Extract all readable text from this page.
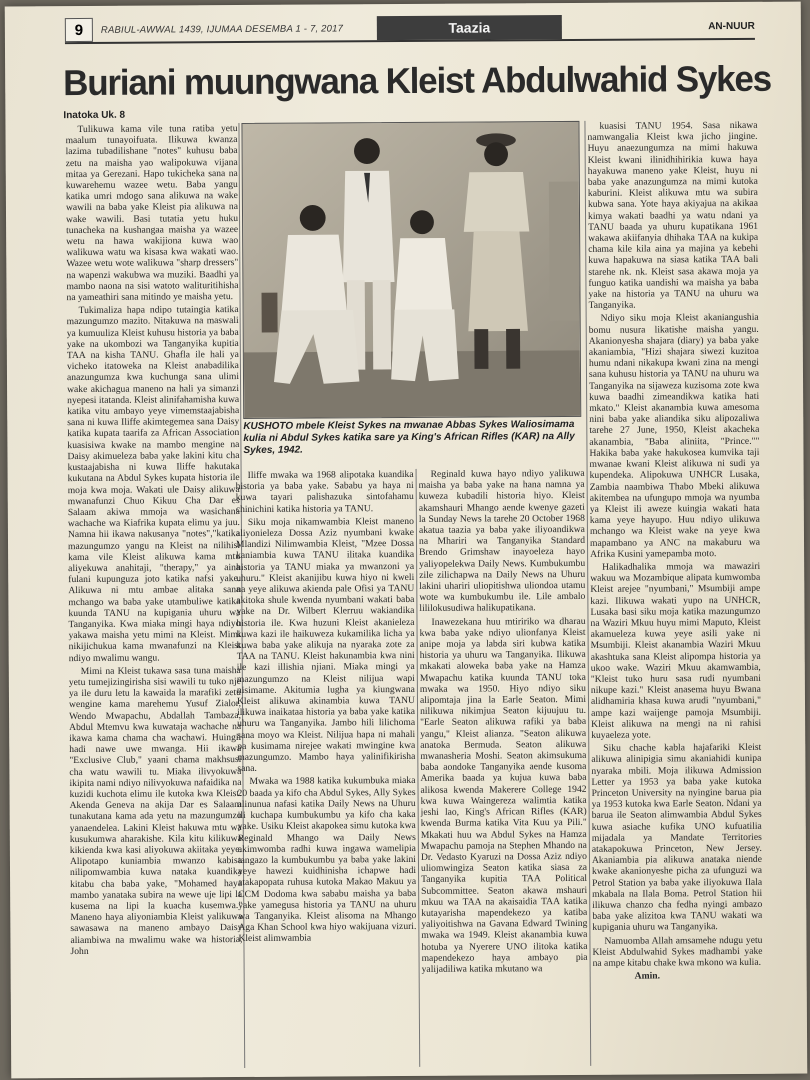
9	RABIUL-AWWAL 1439, IJUMAA DESEMBA 1 - 7, 2017	Taazia	AN-NUUR
Buriani muungwana Kleist Abdulwahid Sykes
Inatoka Uk. 8

Tulikuwa kama vile tuna ratiba yetu maalum tunayoifuata. Ilikuwa kwanza lazima tubadilishane "notes" kuhusu baba zetu na maisha yao walipokuwa vijana mitaa ya Gerezani. Hapo tukicheka sana na kuwarehemu wazee wetu. Baba yangu katika umri mdogo sana alikuwa na wake wawili na baba yake Kleist pia alikuwa na wake wawili. Basi tutatia yetu huku tunacheka na kushangaa maisha ya wazee wetu na hawa wakijiona kuwa wao walikuwa watu wa kisasa kwa wakati wao. Wazee wetu wote walikuwa "sharp dressers" na wapenzi wakubwa wa muziki. Baadhi ya mambo naona na sisi watoto walituritihisha na yameathiri sana mitindo ye maisha yetu.

Tukimaliza hapa ndipo tutaingia katika mazungumzo mazito. Nitakuwa na maswali ya kumuuliza Kleist kuhusu historia ya baba yake na ukombozi wa Tanganyika kupitia TAA na kisha TANU. Ghafla ile hali ya vicheko itatoweka na Kleist anabadilika anazungumza kwa kuchunga sana ulimi wake akichagua maneno na hali ya simanzi nyepesi itatanda. Kleist alinifahamisha kuwa katika vitu ambayo yeye vimemstaajabisha sana ni kuwa Iliffe akimtegemea sana Daisy katika kupata taarifa za African Association kuasisiwa kwake na mambo mengine na Daisy akimueleza baba yake lakini kitu cha kustaajabisha ni kuwa Iliffe hakutaka kukutana na Abdul Sykes kupata historia ile moja kwa moja. Wakati ule Daisy alikuwa mwanafunzi Chuo Kikuu Cha Dar es Salaam akiwa mmoja wa wasichana wachache wa Kiafrika kupata elimu ya juu. Namna hii ikawa nakusanya "notes","katika mazungumzo yangu na Kleist na nilihisi kama vile Kleist alikuwa kama mtu aliyekuwa anahitaji, "therapy," ya aina fulani kupunguza joto katika nafsi yake. Alikuwa ni mtu ambae alitaka sana mchango wa baba yake utambuliwe katika kuunda TANU na kupigania uhuru wa Tanganyika. Kwa miaka mingi haya ndiyo yakawa maisha yetu mimi na Kleist. Mimi nikijichukua kama mwanafunzi na Kleist ndiyo mwalimu wangu.

Mimi na Kleist tukawa sasa tuna maisha yetu tumejizingirisha sisi wawili tu tuko nje ya ile duru letu la kawaida la marafiki zetu wengine kama marehemu Yusuf Zialor, Wendo Mwapachu, Abdallah Tambaza, Abdul Mtemvu kwa kuwataja wachache na ikawa kama chama cha wachawi. Huingii hadi nawe uwe mwanga. Hii ikawa "Exclusive Club," yaani chama makhsusi cha watu wawili tu. Miaka ilivyokuwa ikipita nami ndiyo nilivyokuwa nafaidika na kuzidi kuchota elimu ile kutoka kwa Kleist. Akenda Geneva na akija Dar es Salaam tunakutana kama ada yetu na mazungumzo yanaendelea. Lakini Kleist hakuwa mtu wa kusukumwa aharakishe. Kila kitu kilikuwa kikienda kwa kasi aliyokuwa akiitaka yeye. Alipotapo kuniambia mwanzo kabisa nilipomwambia kuwa nataka kuandika kitabu cha baba yake, "Mohamed haya mambo yanataka subira na wewe uje lipi la kusema na lipi la kuacha kusemwa." Maneno haya aliyoniambia Kleist yalikuwa sawasawa na maneno ambayo Daisy aliambiwa na mwalimu wake wa historia, John

KUSHOTO mbele Kleist Sykes na mwanae Abbas Sykes Waliosimama kulia ni Abdul Sykes katika sare ya King's African Rifles (KAR) na Ally Sykes, 1942.

Iliffe mwaka wa 1968 alipotaka kuandika historia ya baba yake. Sababu ya haya ni kuwa tayari palishazuka sintofahamu chinichini katika historia ya TANU.

Siku moja nikamwambia Kleist maneno aliyonieleza Dossa Aziz nyumbani kwake Mlandizi Nilimwambia Kleist, "Mzee Dossa kaniambia kuwa TANU ilitaka kuandika historia ya TANU miaka ya mwanzoni ya uhuru." Kleist akanijibu kuwa hiyo ni kweli na yeye alikuwa akienda pale Ofisi ya TANU akitoka shule kwenda nyumbani wakati baba yake na Dr. Wilbert Klerruu wakiandika historia ile. Kwa huzuni Kleist akanieleza kuwa kazi ile haikuweza kukamilika licha ya kuwa baba yake alikuja na nyaraka zote za TAA na TANU. Kleist hakunambia kwa nini ile kazi illishia njiani. Miaka mingi ya mazungumzo na Kleist nilijua wapi nisimame. Akitumia lugha ya kiungwana Kleist alikuwa akinambia kuwa TANU ilikuwa inaikataa historia ya baba yake katika uhuru wa Tanganyika. Jambo hili lilichoma sana moyo wa Kleist. Nilijua hapa ni mahali pa kusimama nirejee wakati mwingine kwa mazungumzo. Mambo haya yalinifikirisha sana.

Mwaka wa 1988 katika kukumbuka miaka 20 baada ya kifo cha Abdul Sykes, Ally Sykes alinunua nafasi katika Daily News na Uhuru ili kuchapa kumbukumbu ya kifo cha kaka yake. Usiku Kleist akapokea simu kutoka kwa Reginald Mhango wa Daily News akimwomba radhi kuwa ingawa wamelipia tangazo la kumbukumbu ya baba yake lakini yeye hawezi kuidhinisha ichapwe hadi atakapopata ruhusa kutoka Makao Makuu ya CCM Dodoma kwa sababu maisha ya baba yake yamegusa historia ya TANU na uhuru wa Tanganyika. Kleist alisoma na Mhango Aga Khan School kwa hiyo wakijuana vizuri. Kleist alimwambia

Reginald kuwa hayo ndiyo yalikuwa maisha ya baba yake na hana namna ya kuweza kubadili historia hiyo. Kleist akamshauri Mhango aende kwenye gazeti la Sunday News la tarehe 20 October 1968 akatua taazia ya baba yake iliyoandikwa na Mhariri wa Tanganyika Standard Brendo Grimshaw inayoeleza hayo yaliyopelekwa Daily News. Kumbukumbu zile zilichapwa na Daily News na Uhuru lakini uhariri uliopitishwa uliondoa utamu wote wa kumbukumbu ile. Lile ambalo lililokusudiwa halikupatikana.

Inawezekana huu mtiririko wa dharau kwa baba yake ndiyo ulionfanya Kleist anipe moja ya labda siri kubwa katika historia ya uhuru wa Tanganyika. Ilikuwa mkakati aloweka baba yake na Hamza Mwapachu katika kuunda TANU toka mwaka wa 1950. Hiyo ndiyo siku alipomtaja jina la Earle Seaton. Mimi nilikuwa nikimjua Seaton kijuujuu tu. "Earle Seaton alikuwa rafiki ya baba yangu," Kleist alianza. "Seaton alikuwa anatoka Bermuda. Seaton alikuwa mwanasheria Moshi. Seaton akimsukuma baba aondoke Tanganyika aende kusoma Amerika baada ya kujua kuwa baba alikosa kwenda Makerere College 1942 kwa kuwa Waingereza walimtia katika jeshi lao, King's African Rifles (KAR) kwenda Burma katika Vita Kuu ya Pili." Mkakati huu wa Abdul Sykes na Hamza Mwapachu pamoja na Stephen Mhando na Dr. Vedasto Kyaruzi na Dossa Aziz ndiyo uliomwingiza Seaton katika siasa za Tanganyika kupitia TAA Political Subcommittee. Seaton akawa mshauri mkuu wa TAA na akaisaidia TAA katika kutayarisha mapendekezo ya katiba yaliyoitishwa na Gavana Edward Twining mwaka wa 1949. Kleist akanambia kuwa hotuba ya Nyerere UNO ilitoka katika mapendekezo haya ambayo pia yalijadiliwa katika mkutano wa

kuasisi TANU 1954. Sasa nikawa namwangalia Kleist kwa jicho jingine. Huyu anaezungumza na mimi hakuwa Kleist kwani ilinidhihirikia kuwa haya hayakuwa maneno yake Kleist, huyu ni baba yake anazungumza na mimi kutoka kaburini. Kleist alikuwa mtu wa subira kubwa sana. Yote haya akiyajua na akikaa kimya wakati baadhi ya watu ndani ya TANU baada ya uhuru kupatikana 1961 wakawa akiifanyia dhihaka TAA na kukipa chama kile kila aina ya majina ya kebehi kuwa hapakuwa na siasa katika TAA bali starehe nk. nk. Kleist sasa akawa moja ya funguo katika uandishi wa maisha ya baba yake na historia ya TANU na uhuru wa Tanganyika.

Ndiyo siku moja Kleist akaniangushia bomu nusura likatishe maisha yangu. Akanionyesha shajara (diary) ya baba yake akaniambia, "Hizi shajara siwezi kuzitoa humu ndani nikakupa kwani zina na mengi sana kuhusu historia ya TANU na uhuru wa Tanganyika na sijaweza kuzisoma zote kwa kuwa baadhi zimeandikwa katika hati mkato." Kleist akanambia kuwa amesoma nini baba yake aliandika siku alipozaliwa tarehe 27 June, 1950, Kleist akacheka akanambia, "Baba aliniita, "Prince."" Hakika baba yake hakukosea kumvika taji mwanae kwani Kleist alikuwa ni sudi ya kupendeka. Alipokuwa UNHCR Lusaka, Zambia naambiwa Thabo Mbeki alikuwa akitembea na ufungupo mmoja wa nyumba ya Kleist ili aweze kuingia wakati hata kama yeye hayupo. Huu ndiyo ulikuwa mchango wa Kleist wake na yeye kwa mapambano ya ANC na makaburu wa Afrika Kusini yamepamba moto.

Halikadhalika mmoja wa mawaziri wakuu wa Mozambique alipata kumwomba Kleist arejee "nyumbani," Msumbiji ampe kazi. Ilikuwa wakati yupo na UNHCR, Lusaka basi siku moja katika mazungumzo na Waziri Mkuu huyu mimi Maputo, Kleist akamueleza kuwa yeye asili yake ni Msumbiji. Kleist akanambia Waziri Mkuu akashtuka sana Kleist alipompa historia ya ukoo wake. Waziri Mkuu akamwambia, "Kleist tuko huru sasa rudi nyumbani nikupe kazi." Kleist anasema huyu Bwana alidhamiria khasa kuwa arudi "nyumbani," ampe kazi waijenge pamoja Msumbiji. Kleist alikuwa na mengi na ni rahisi kuyaeleza yote.

Siku chache kabla hajafariki Kleist alikuwa alinipigia simu akaniahidi kunipa nyaraka mbili. Moja ilikuwa Admission Letter ya 1953 ya baba yake kutoka Princeton University na nyingine barua pia ya 1953 kutoka kwa Earle Seaton. Ndani ya barua ile Seaton alimwambia Abdul Sykes kuwa asiache kufika UNO kufuatilia mijadala ya Mandate Territories atakapokuwa Princeton, New Jersey. Akaniambia pia alikuwa anataka niende kwake akanionyeshe picha za ufunguzi wa Petrol Station ya baba yake iliyokuwa Ilala mkabala na Ilala Boma. Petrol Station hii ilikuwa chanzo cha fedha nyingi ambazo baba yake alizitoa kwa TANU wakati wa kupigania uhuru wa Tanganyika.

Namuomba Allah amsamehe ndugu yetu Kleist Abdulwahid Sykes madhambi yake na ampe kitabu chake kwa mkono wa kulia.

Amin.
